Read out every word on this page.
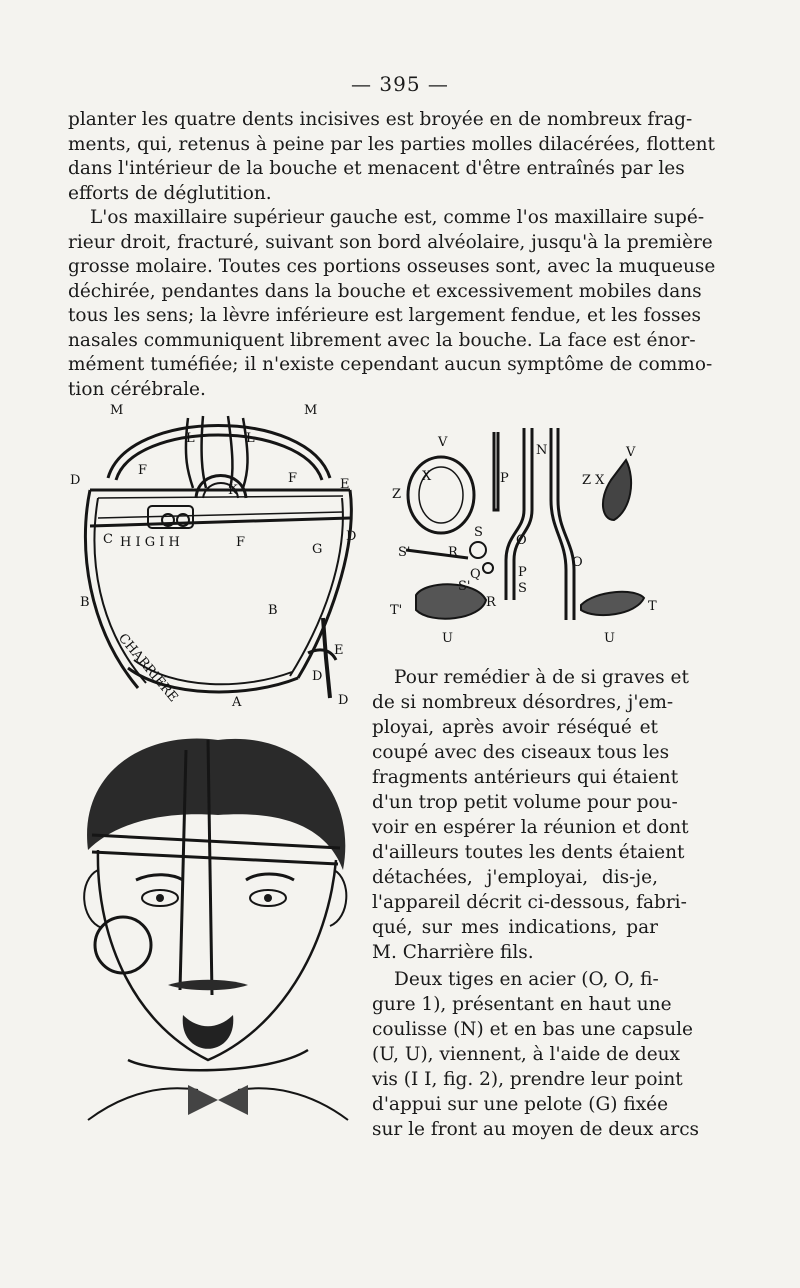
— 395 —
planter les quatre dents incisives est broyée en de nombreux frag-
ments, qui, retenus à peine par les parties molles dilacérées, flottent
dans l'intérieur de la bouche et menacent d'être entraînés par les
efforts de déglutition.
L'os maxillaire supérieur gauche est, comme l'os maxillaire supé-
rieur droit, fracturé, suivant son bord alvéolaire, jusqu'à la première
grosse molaire. Toutes ces portions osseuses sont, avec la muqueuse
déchirée, pendantes dans la bouche et excessivement mobiles dans
tous les sens; la lèvre inférieure est largement fendue, et les fosses
nasales communiquent librement avec la bouche. La face est énor-
mément tuméfiée; il n'existe cependant aucun symptôme de commo-
tion cérébrale.
M	M
L	L
D	E
F
F
K
C H I G I H	F	G
D
B
B
A
E
D
D
CHARRIÈRE
V
X
Z
P
N	V
Z X
S
O
O
S'	R
Q	P
S'	S
R
T'	T
U	U
Pour remédier à de si graves et
de si nombreux désordres, j'em-
ployai, après avoir réséqué et
coupé avec des ciseaux tous les
fragments antérieurs qui étaient
d'un trop petit volume pour pou-
voir en espérer la réunion et dont
d'ailleurs toutes les dents étaient
détachées, j'employai, dis-je,
l'appareil décrit ci-dessous, fabri-
qué, sur mes indications, par
M. Charrière fils.
Deux tiges en acier (O, O, fi-
gure 1), présentant en haut une
coulisse (N) et en bas une capsule
(U, U), viennent, à l'aide de deux
vis (I I, fig. 2), prendre leur point
d'appui sur une pelote (G) fixée
sur le front au moyen de deux arcs
